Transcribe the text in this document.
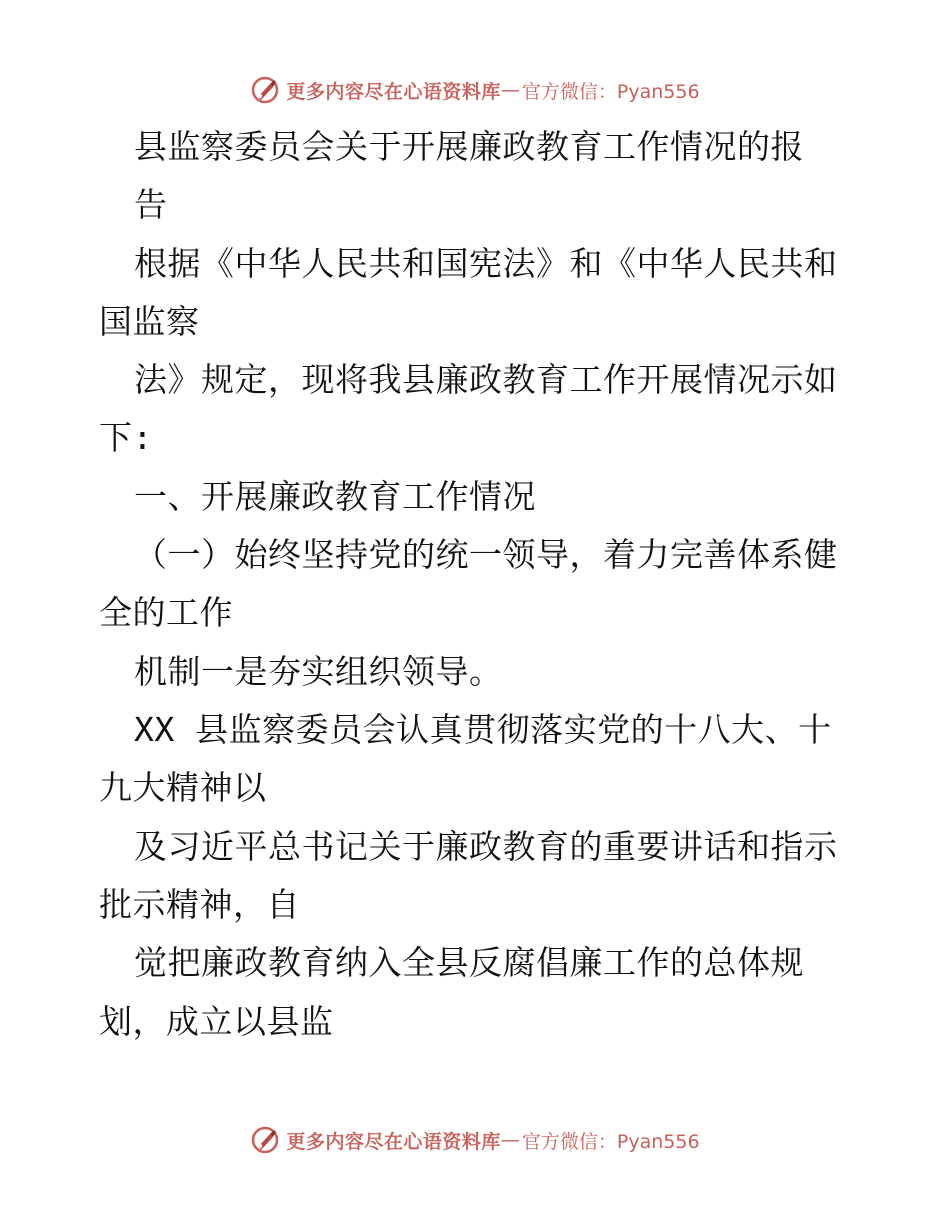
更多内容尽在心语资料库 — 官方微信：Pyan556
县监察委员会关于开展廉政教育工作情况的报
告
根据《中华人民共和国宪法》和《中华人民共和
国监察
法》规定，现将我县廉政教育工作开展情况示如
下:
一、开展廉政教育工作情况
（一）始终坚持党的统一领导，着力完善体系健
全的工作
机制一是夯实组织领导。
XX 县监察委员会认真贯彻落实党的十八大、十
九大精神以
及习近平总书记关于廉政教育的重要讲话和指示
批示精神，自
觉把廉政教育纳入全县反腐倡廉工作的总体规
划，成立以县监
更多内容尽在心语资料库 — 官方微信：Pyan556
